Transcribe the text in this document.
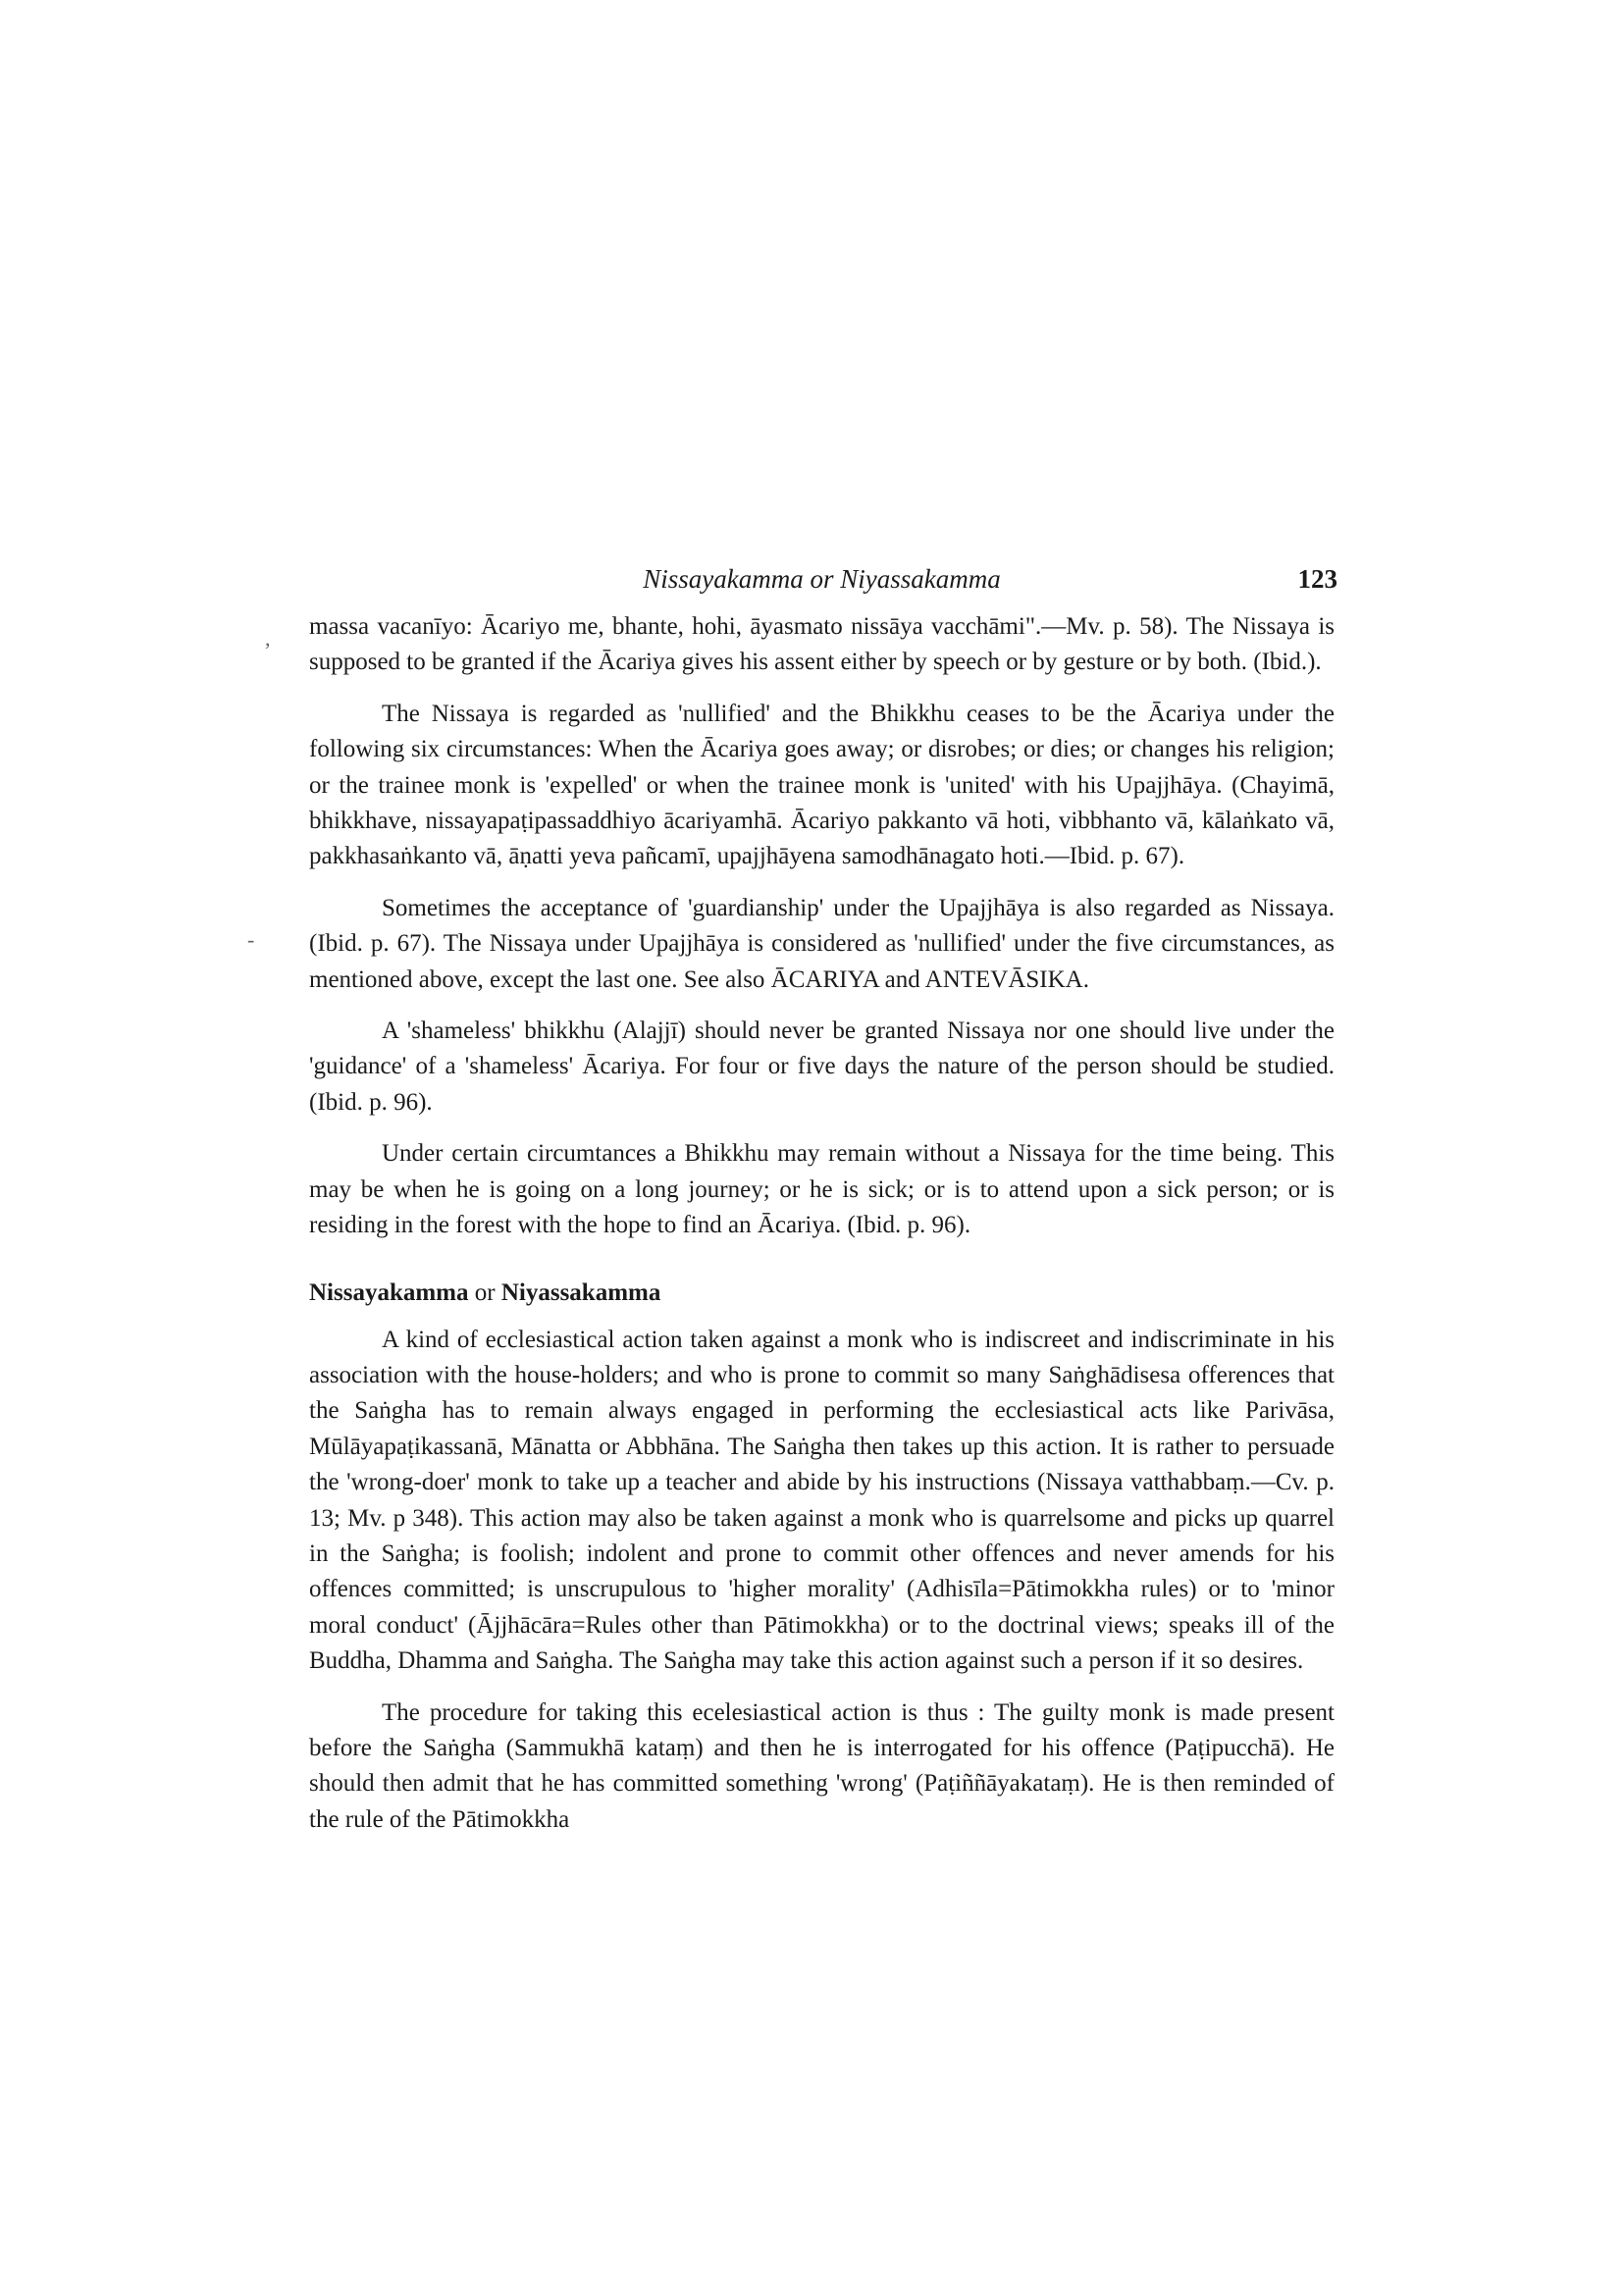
,
-
Nissayakamma or Niyassakamma	123

massa vacanīyo: Ācariyo me, bhante, hohi, āyasmato nissāya vacchāmi".—Mv. p. 58). The Nissaya is supposed to be granted if the Ācariya gives his assent either by speech or by gesture or by both. (Ibid.).

The Nissaya is regarded as 'nullified' and the Bhikkhu ceases to be the Ācariya under the following six circumstances: When the Ācariya goes away; or disrobes; or dies; or changes his religion; or the trainee monk is 'expelled' or when the trainee monk is 'united' with his Upajjhāya. (Chayimā, bhikkhave, nissayapaṭipassaddhiyo ācariyamhā. Ācariyo pakkanto vā hoti, vibbhanto vā, kālaṅkato vā, pakkhasaṅkanto vā, āṇatti yeva pañcamī, upajjhāyena samodhānagato hoti.—Ibid. p. 67).

Sometimes the acceptance of 'guardianship' under the Upajjhāya is also regarded as Nissaya. (Ibid. p. 67). The Nissaya under Upajjhāya is considered as 'nullified' under the five circumstances, as mentioned above, except the last one. See also ĀCARIYA and ANTEVĀSIKA.

A 'shameless' bhikkhu (Alajjī) should never be granted Nissaya nor one should live under the 'guidance' of a 'shameless' Ācariya. For four or five days the nature of the person should be studied. (Ibid. p. 96).

Under certain circumtances a Bhikkhu may remain without a Nissaya for the time being. This may be when he is going on a long journey; or he is sick; or is to attend upon a sick person; or is residing in the forest with the hope to find an Ācariya. (Ibid. p. 96).

Nissayakamma or Niyassakamma

A kind of ecclesiastical action taken against a monk who is indiscreet and indiscriminate in his association with the house-holders; and who is prone to commit so many Saṅghādisesa offerences that the Saṅgha has to remain always engaged in performing the ecclesiastical acts like Parivāsa, Mūlāyapaṭikassanā, Mānatta or Abbhāna. The Saṅgha then takes up this action. It is rather to persuade the 'wrong-doer' monk to take up a teacher and abide by his instructions (Nissaya vatthabbaṃ.—Cv. p. 13; Mv. p 348). This action may also be taken against a monk who is quarrelsome and picks up quarrel in the Saṅgha; is foolish; indolent and prone to commit other offences and never amends for his offences committed; is unscrupulous to 'higher morality' (Adhisīla=Pātimokkha rules) or to 'minor moral conduct' (Ājjhācāra=Rules other than Pātimokkha) or to the doctrinal views; speaks ill of the Buddha, Dhamma and Saṅgha. The Saṅgha may take this action against such a person if it so desires.

The procedure for taking this ecelesiastical action is thus : The guilty monk is made present before the Saṅgha (Sammukhā kataṃ) and then he is interrogated for his offence (Paṭipucchā). He should then admit that he has committed something 'wrong' (Paṭiññāyakataṃ). He is then reminded of the rule of the Pātimokkha
